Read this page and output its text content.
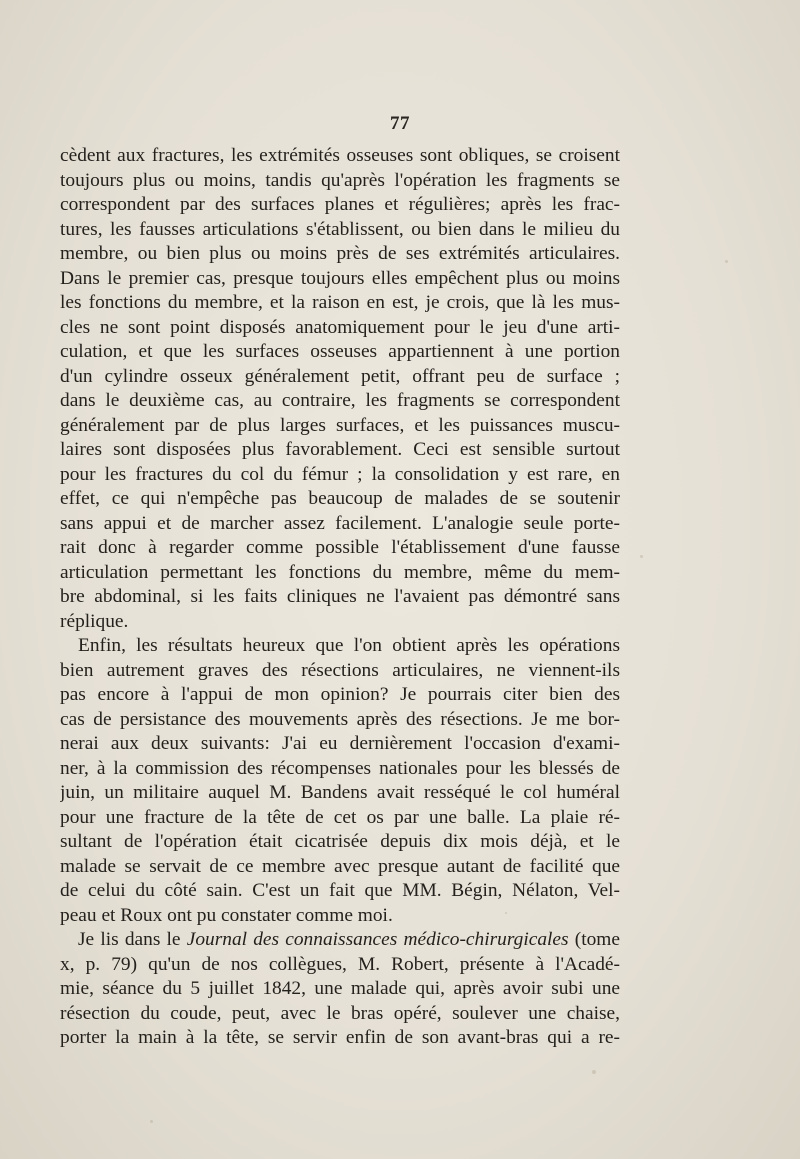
77
cèdent aux fractures, les extrémités osseuses sont obliques, se croisent
toujours plus ou moins, tandis qu'après l'opération les fragments se
correspondent par des surfaces planes et régulières; après les frac-
tures, les fausses articulations s'établissent, ou bien dans le milieu du
membre, ou bien plus ou moins près de ses extrémités articulaires.
Dans le premier cas, presque toujours elles empêchent plus ou moins
les fonctions du membre, et la raison en est, je crois, que là les mus-
cles ne sont point disposés anatomiquement pour le jeu d'une arti-
culation, et que les surfaces osseuses appartiennent à une portion
d'un cylindre osseux généralement petit, offrant peu de surface ;
dans le deuxième cas, au contraire, les fragments se correspondent
généralement par de plus larges surfaces, et les puissances muscu-
laires sont disposées plus favorablement. Ceci est sensible surtout
pour les fractures du col du fémur ; la consolidation y est rare, en
effet, ce qui n'empêche pas beaucoup de malades de se soutenir
sans appui et de marcher assez facilement. L'analogie seule porte-
rait donc à regarder comme possible l'établissement d'une fausse
articulation permettant les fonctions du membre, même du mem-
bre abdominal, si les faits cliniques ne l'avaient pas démontré sans
réplique.
Enfin, les résultats heureux que l'on obtient après les opérations
bien autrement graves des résections articulaires, ne viennent-ils
pas encore à l'appui de mon opinion? Je pourrais citer bien des
cas de persistance des mouvements après des résections. Je me bor-
nerai aux deux suivants: J'ai eu dernièrement l'occasion d'exami-
ner, à la commission des récompenses nationales pour les blessés de
juin, un militaire auquel M. Bandens avait resséqué le col huméral
pour une fracture de la tête de cet os par une balle. La plaie ré-
sultant de l'opération était cicatrisée depuis dix mois déjà, et le
malade se servait de ce membre avec presque autant de facilité que
de celui du côté sain. C'est un fait que MM. Bégin, Nélaton, Vel-
peau et Roux ont pu constater comme moi.
Je lis dans le Journal des connaissances médico-chirurgicales (tome
x, p. 79) qu'un de nos collègues, M. Robert, présente à l'Acadé-
mie, séance du 5 juillet 1842, une malade qui, après avoir subi une
résection du coude, peut, avec le bras opéré, soulever une chaise,
porter la main à la tête, se servir enfin de son avant-bras qui a re-
